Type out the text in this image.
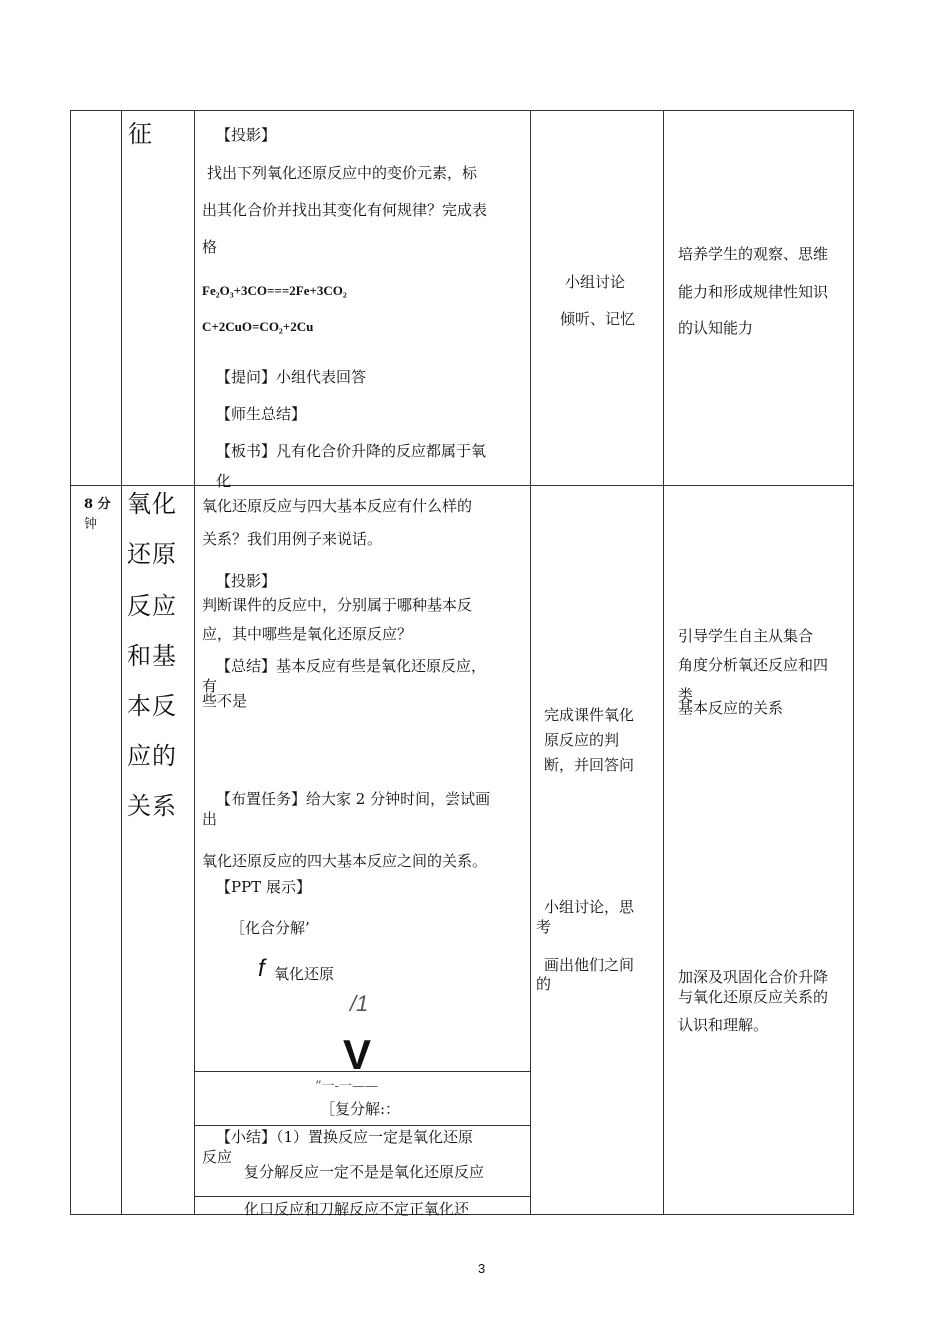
征	【投影】
找出下列氧化还原反应中的变价元素，标
出其化合价并找出其变化有何规律？完成表
格
Fe₂O₃+3CO===2Fe+3CO₂
C+2CuO=CO₂+2Cu
【提问】小组代表回答
【师生总结】
【板书】凡有化合价升降的反应都属于氧
化
小组讨论
倾听、记忆
培养学生的观察、思维
能力和形成规律性知识
的认知能力
8 分
钟
氧化
还原
反应
和基
本反
应的
关系
氧化还原反应与四大基本反应有什么样的
关系？我们用例子来说话。
【投影】
判断课件的反应中，分别属于哪种基本反
应，其中哪些是氧化还原反应？
【总结】基本反应有些是氧化还原反应，
有
些不是
【布置任务】给大家 2 分钟时间，尝试画
出
氧化还原反应的四大基本反应之间的关系。
【PPT 展示】
［化合分解’
f 氧化还原
/1
V
”一-一——
［复分解:：
【小结】（1）置换反应一定是氧化还原
反应
复分解反应一定不是是氧化还原反应
化口反应和刀解反应不定正氧化还
完成课件氧化
原反应的判
断，并回答问
小组讨论，思
考
画出他们之间
的
引导学生自主从集合
角度分析氧还反应和四
类
基本反应的关系
加深及巩固化合价升降
与氧化还原反应关系的
认识和理解。
3
